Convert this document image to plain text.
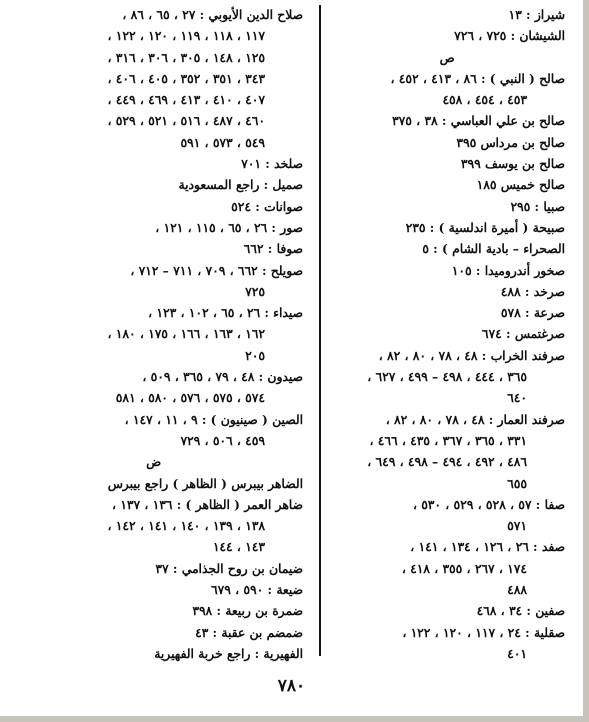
شيراز : ١٣
الشيشان : ٧٢٥ ، ٧٢٦
ص
صالح ( النبي ) : ٨٦ ، ٤١٣ ، ٤٥٢ ،
٤٥٣ ، ٤٥٤ ، ٤٥٨
صالح بن علي العباسي : ٣٨ ، ٣٧٥
صالح بن مرداس ٣٩٥
صالح بن يوسف ٣٩٩
صالح خميس ١٨٥
صبيا : ٢٩٥
صبيحة ( أميرة اندلسية ) : ٢٣٥
الصحراء – بادية الشام ) : ٥
صخور أندروميدا : ١٠٥
صرخد : ٤٨٨
صرعة : ٥٧٨
صرغتمس : ٦٧٤
صرفند الخراب : ٤٨ ، ٧٨ ، ٨٠ ، ٨٢ ،
٣٦٥ ، ٤٤٤ ، ٤٩٨ – ٤٩٩ ، ٦٢٧ ،
٦٤٠
صرفند العمار : ٤٨ ، ٧٨ ، ٨٠ ، ٨٢ ،
٣٣١ ، ٣٦٥ ، ٣٦٧ ، ٤٣٥ ، ٤٦٦ ،
٤٨٦ ، ٤٩٢ ، ٤٩٤ – ٤٩٨ ، ٦٤٩ ،
٦٥٥
صفا : ٥٧ ، ٥٢٨ ، ٥٢٩ ، ٥٣٠ ،
٥٧١
صفد : ٢٦ ، ١٢٦ ، ١٣٤ ، ١٤١ ،
١٧٤ ، ٢٦٧ ، ٣٥٥ ، ٤١٨ ،
٤٨٨
صفين : ٣٤ ، ٤٦٨
صقلية : ٢٤ ، ١١٧ ، ١٢٠ ، ١٢٢ ،
٤٠١
صلاح الدين الأيوبي : ٢٧ ، ٦٥ ، ٨٦ ،
١١٧ ، ١١٨ ، ١١٩ ، ١٢٠ ، ١٢٢ ،
١٢٥ ، ١٤٨ ، ٣٠٥ ، ٣٠٦ ، ٣١٦ ،
٣٤٣ ، ٣٥١ ، ٣٥٢ ، ٤٠٥ ، ٤٠٦ ،
٤٠٧ ، ٤١٠ ، ٤١٣ ، ٤٦٩ ، ٤٤٩ ،
٤٦٠ ، ٤٨٧ ، ٥١٦ ، ٥٢١ ، ٥٢٩ ،
٥٤٩ ، ٥٧٣ ، ٥٩١
صلخد : ٧٠١
صميل : راجع المسعودية
صوانات : ٥٢٤
صور : ٢٦ ، ٦٥ ، ١١٥ ، ١٢١ ،
صوفا : ٦٦٢
صويلح : ٦٦٢ ، ٧٠٩ ، ٧١١ – ٧١٢ ،
٧٢٥
صيداء : ٢٦ ، ٦٥ ، ١٠٢ ، ١٢٣ ،
١٦٢ ، ١٦٣ ، ١٦٦ ، ١٧٥ ، ١٨٠ ،
٢٠٥
صيدون : ٤٨ ، ٧٩ ، ٣٦٥ ، ٥٠٩ ،
٥٧٤ ، ٥٧٥ ، ٥٧٦ ، ٥٨٠ ، ٥٨١
الصين ( صينيون ) : ٩ ، ١١ ، ١٤٧ ،
٤٥٩ ، ٥٠٦ ، ٧٢٩
ض
الضاهر بيبرس ( الظاهر ) راجع بيبرس
ضاهر العمر ( الظاهر ) : ١٣٦ ، ١٣٧ ،
١٣٨ ، ١٣٩ ، ١٤٠ ، ١٤١ ، ١٤٢ ،
١٤٣ ، ١٤٤
ضيمان بن روح الجذامي : ٣٧
ضيعة : ٥٩٠ ، ٦٧٩
ضمرة بن ربيعة : ٣٩٨
ضمضم بن عقبة : ٤٣
الفهيرية : راجع خربة الفهيرية
٧٨٠
